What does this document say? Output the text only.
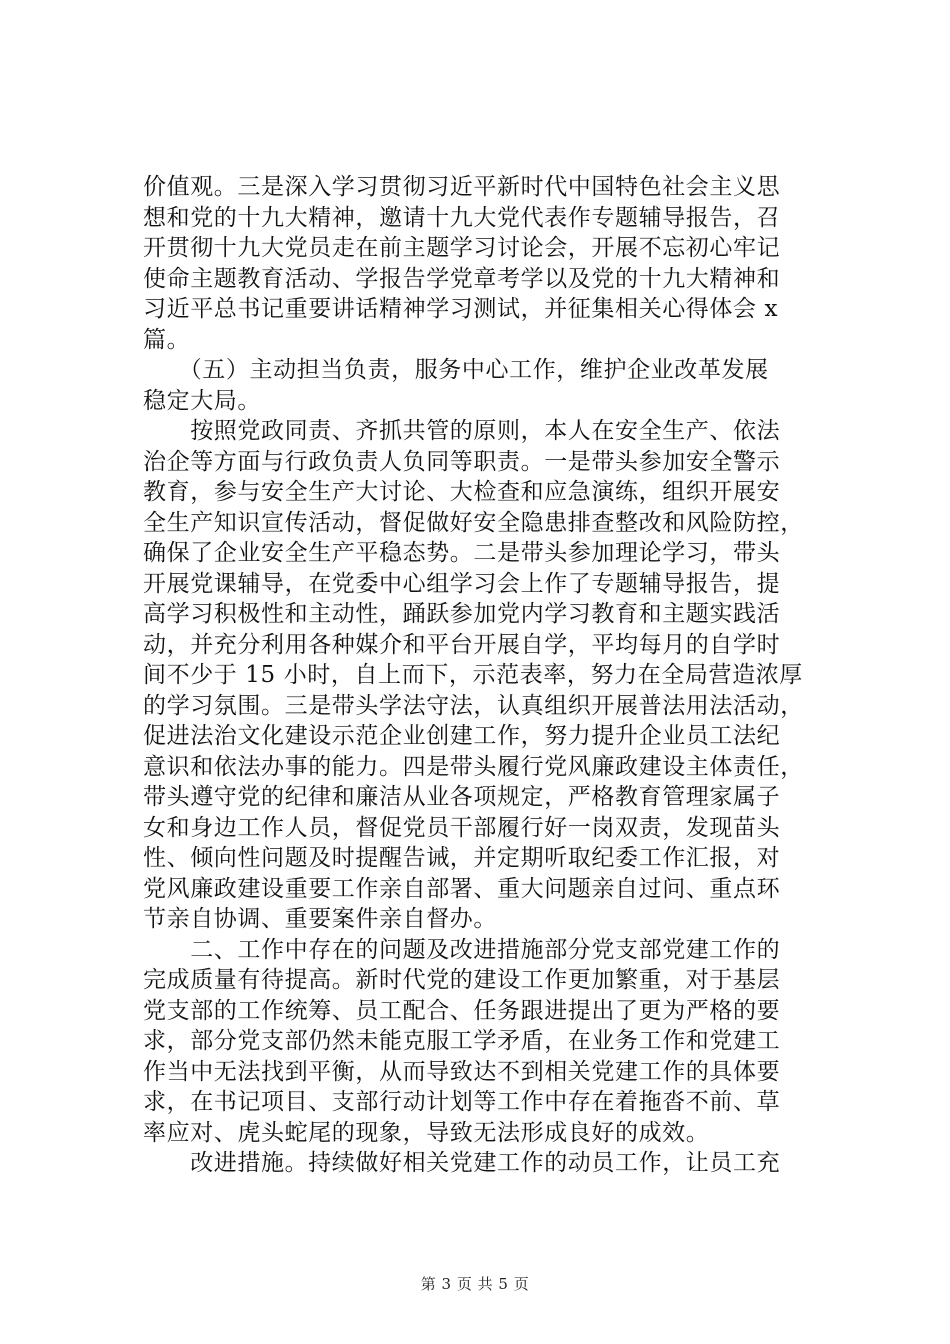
价值观。三是深入学习贯彻习近平新时代中国特色社会主义思
想和党的十九大精神，邀请十九大党代表作专题辅导报告，召
开贯彻十九大党员走在前主题学习讨论会，开展不忘初心牢记
使命主题教育活动、学报告学党章考学以及党的十九大精神和
习近平总书记重要讲话精神学习测试，并征集相关心得体会 x
篇。
　　（五）主动担当负责，服务中心工作，维护企业改革发展
稳定大局。
　　按照党政同责、齐抓共管的原则，本人在安全生产、依法
治企等方面与行政负责人负同等职责。一是带头参加安全警示
教育，参与安全生产大讨论、大检查和应急演练，组织开展安
全生产知识宣传活动，督促做好安全隐患排查整改和风险防控，
确保了企业安全生产平稳态势。二是带头参加理论学习，带头
开展党课辅导，在党委中心组学习会上作了专题辅导报告，提
高学习积极性和主动性，踊跃参加党内学习教育和主题实践活
动，并充分利用各种媒介和平台开展自学，平均每月的自学时
间不少于 15 小时，自上而下，示范表率，努力在全局营造浓厚
的学习氛围。三是带头学法守法，认真组织开展普法用法活动，
促进法治文化建设示范企业创建工作，努力提升企业员工法纪
意识和依法办事的能力。四是带头履行党风廉政建设主体责任，
带头遵守党的纪律和廉洁从业各项规定，严格教育管理家属子
女和身边工作人员，督促党员干部履行好一岗双责，发现苗头
性、倾向性问题及时提醒告诫，并定期听取纪委工作汇报，对
党风廉政建设重要工作亲自部署、重大问题亲自过问、重点环
节亲自协调、重要案件亲自督办。
　　二、工作中存在的问题及改进措施部分党支部党建工作的
完成质量有待提高。新时代党的建设工作更加繁重，对于基层
党支部的工作统筹、员工配合、任务跟进提出了更为严格的要
求，部分党支部仍然未能克服工学矛盾，在业务工作和党建工
作当中无法找到平衡，从而导致达不到相关党建工作的具体要
求，在书记项目、支部行动计划等工作中存在着拖沓不前、草
率应对、虎头蛇尾的现象，导致无法形成良好的成效。
　　改进措施。持续做好相关党建工作的动员工作，让员工充
第 3 页 共 5 页
